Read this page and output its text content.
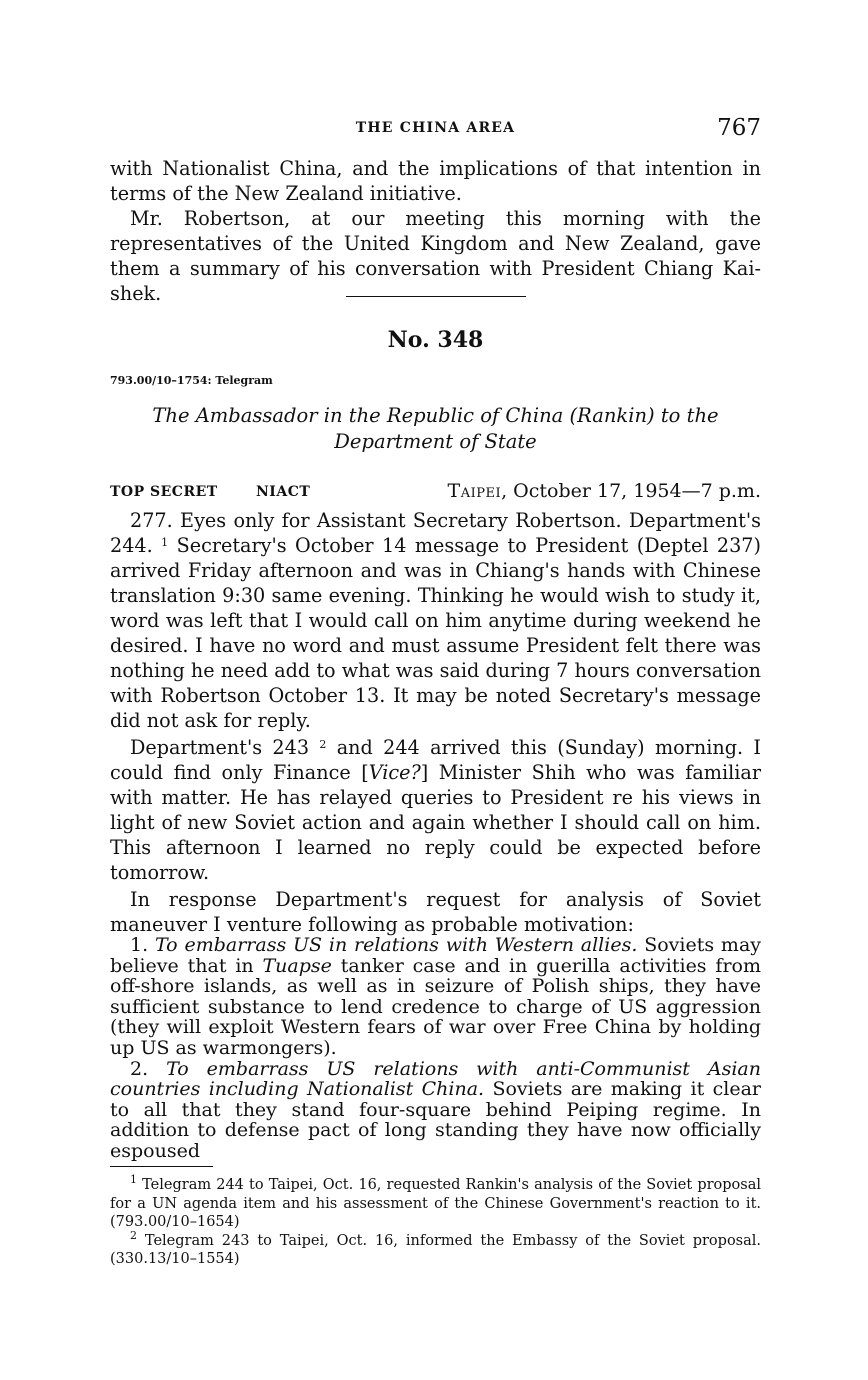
THE CHINA AREA	767

with Nationalist China, and the implications of that intention in terms of the New Zealand initiative.

Mr. Robertson, at our meeting this morning with the representatives of the United Kingdom and New Zealand, gave them a summary of his conversation with President Chiang Kai-shek.

No. 348
793.00/10–1754: Telegram
The Ambassador in the Republic of China (Rankin) to the
Department of State
TOP SECRET	NIACT	Taipei, October 17, 1954—7 p.m.

277. Eyes only for Assistant Secretary Robertson. Department's 244. $^1$ Secretary's October 14 message to President (Deptel 237) arrived Friday afternoon and was in Chiang's hands with Chinese translation 9:30 same evening. Thinking he would wish to study it, word was left that I would call on him anytime during weekend he desired. I have no word and must assume President felt there was nothing he need add to what was said during 7 hours conversation with Robertson October 13. It may be noted Secretary's message did not ask for reply.

Department's 243 $^2$ and 244 arrived this (Sunday) morning. I could find only Finance [Vice?] Minister Shih who was familiar with matter. He has relayed queries to President re his views in light of new Soviet action and again whether I should call on him. This afternoon I learned no reply could be expected before tomorrow.

In response Department's request for analysis of Soviet maneuver I venture following as probable motivation:

1. To embarrass US in relations with Western allies. Soviets may believe that in Tuapse tanker case and in guerilla activities from off-shore islands, as well as in seizure of Polish ships, they have sufficient substance to lend credence to charge of US aggression (they will exploit Western fears of war over Free China by holding up US as warmongers).

2. To embarrass US relations with anti-Communist Asian countries including Nationalist China. Soviets are making it clear to all that they stand four-square behind Peiping regime. In addition to defense pact of long standing they have now officially espoused

$^1$ Telegram 244 to Taipei, Oct. 16, requested Rankin's analysis of the Soviet proposal for a UN agenda item and his assessment of the Chinese Government's reaction to it. (793.00/10–1654)

$^2$ Telegram 243 to Taipei, Oct. 16, informed the Embassy of the Soviet proposal. (330.13/10–1554)
